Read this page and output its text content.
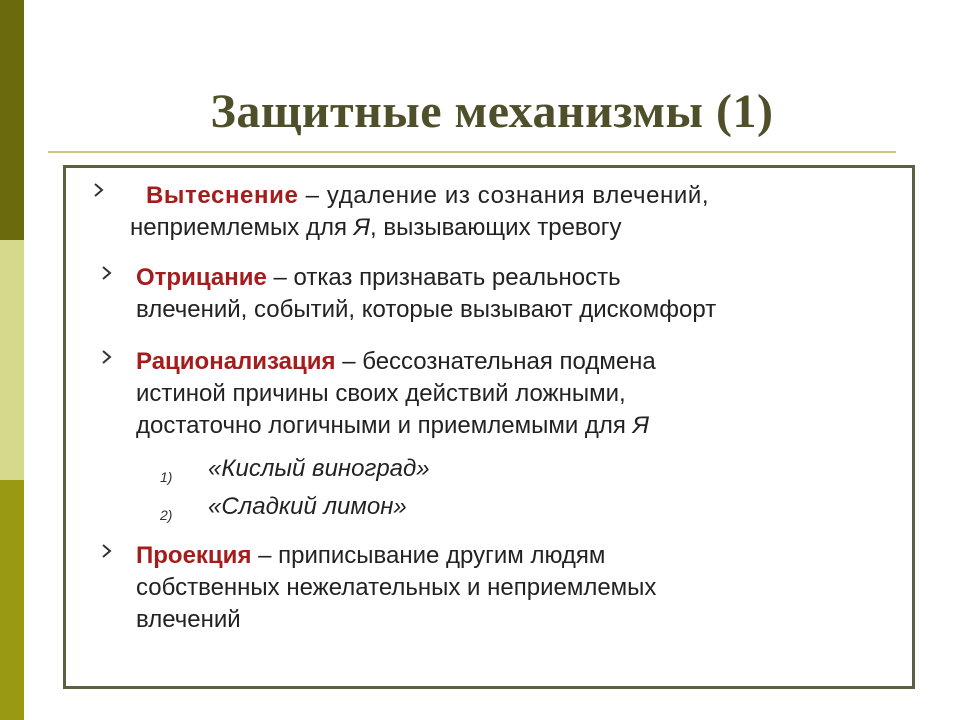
Защитные механизмы (1)
Вытеснение – удаление из сознания влечений,
неприемлемых для Я, вызывающих тревогу
Отрицание – отказ признавать реальность
влечений, событий, которые вызывают дискомфорт
Рационализация – бессознательная подмена
истиной причины своих действий ложными,
достаточно логичными и приемлемыми для Я
1) «Кислый виноград»
2) «Сладкий лимон»
Проекция – приписывание другим людям
собственных нежелательных и неприемлемых
влечений
